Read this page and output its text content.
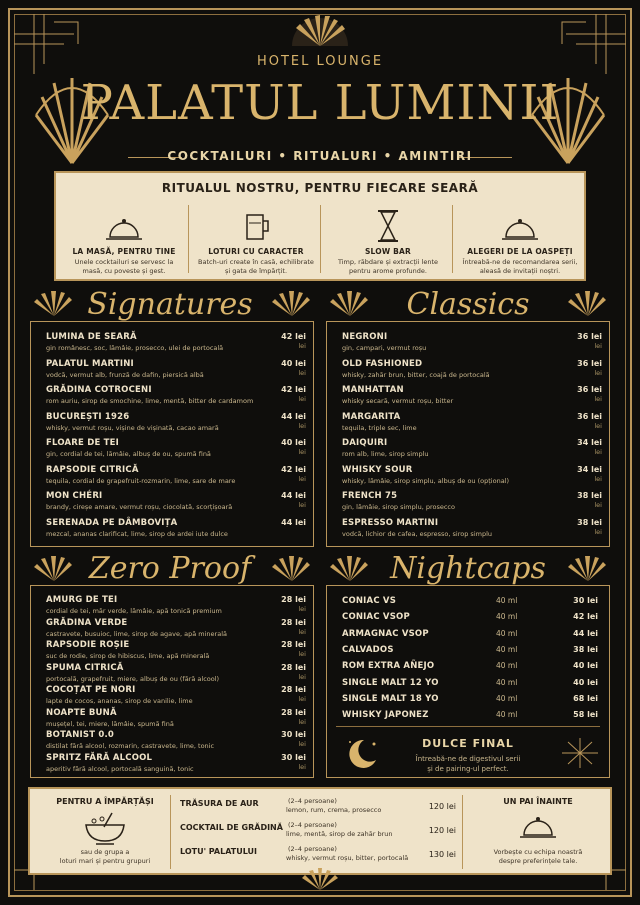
HOTEL LOUNGE
PALATUL LUMINII
COCKTAILURI • RITUALURI • AMINTIRI
RITUALUL NOSTRU, PENTRU FIECARE SEARĂ
LA MASĂ, PENTRU TINE
Unele cocktailuri se servesc la masă, cu poveste și gest.
LOTURI CU CARACTER
Batch-uri create în casă, echilibrate și gata de împărțit.
SLOW BAR
Timp, răbdare și extracții lente pentru arome profunde.
ALEGERI DE LA OASPEȚI
Întreabă-ne de recomandarea serii, aleasă de invitații noștri.
Signatures
LUMINA DE SEARĂ
gin românesc, soc, lămâie, prosecco, ulei de portocală
42 lei
lei
PALATUL MARTINI
vodcă, vermut alb, frunză de dafin, piersică albă
40 lei
lei
GRĂDINA COTROCENI
rom auriu, sirop de smochine, lime, mentă, bitter de cardamom
42 lei
lei
BUCUREȘTI 1926
whisky, vermut roșu, vișine de vișinată, cacao amară
44 lei
lei
FLOARE DE TEI
gin, cordial de tei, lămâie, albuș de ou, spumă fină
40 lei
lei
RAPSODIE CITRICĂ
tequila, cordial de grapefruit-rozmarin, lime, sare de mare
42 lei
lei
MON CHÉRI
brandy, cireșe amare, vermut roșu, ciocolată, scorțișoară
44 lei
lei
SERENADA PE DÂMBOVIȚA
mezcal, ananas clarificat, lime, sirop de ardei iute dulce
44 lei
Classics
NEGRONI
gin, campari, vermut roșu
36 lei
lei
OLD FASHIONED
whisky, zahăr brun, bitter, coajă de portocală
36 lei
lei
MANHATTAN
whisky secară, vermut roșu, bitter
36 lei
lei
MARGARITA
tequila, triple sec, lime
36 lei
lei
DAIQUIRI
rom alb, lime, sirop simplu
34 lei
lei
WHISKY SOUR
whisky, lămâie, sirop simplu, albuș de ou (opțional)
34 lei
lei
FRENCH 75
gin, lămâie, sirop simplu, prosecco
38 lei
lei
ESPRESSO MARTINI
vodcă, lichior de cafea, espresso, sirop simplu
38 lei
lei
Zero Proof
AMURG DE TEI
cordial de tei, măr verde, lămâie, apă tonică premium
28 lei
lei
GRĂDINA VERDE
castravete, busuioc, lime, sirop de agave, apă minerală
28 lei
lei
RAPSODIE ROȘIE
suc de rodie, sirop de hibiscus, lime, apă minerală
28 lei
lei
SPUMA CITRICĂ
portocală, grapefruit, miere, albuș de ou (fără alcool)
28 lei
lei
COCOȚAT PE NORI
lapte de cocos, ananas, sirop de vanilie, lime
28 lei
lei
NOAPTE BUNĂ
mușețel, tei, miere, lămâie, spumă fină
28 lei
lei
BOTANIST 0.0
distilat fără alcool, rozmarin, castravete, lime, tonic
30 lei
lei
SPRITZ FĂRĂ ALCOOL
aperitiv fără alcool, portocală sanguină, tonic
30 lei
lei
Nightcaps
CONIAC VS	40 ml	30 lei
CONIAC VSOP	40 ml	42 lei
ARMAGNAC VSOP	40 ml	44 lei
CALVADOS	40 ml	38 lei
ROM EXTRA AÑEJO	40 ml	40 lei
SINGLE MALT 12 YO	40 ml	40 lei
SINGLE MALT 18 YO	40 ml	68 lei
WHISKY JAPONEZ	40 ml	58 lei
DULCE FINAL
Întreabă-ne de digestivul serii
și de pairing-ul perfect.
PENTRU A ÎMPĂRȚĂȘI
sau de grupa a
loturi mari și pentru grupuri
TRĂSURA DE AUR	(2–4 persoane)
lemon, rum, crema, prosecco	120 lei
COCKTAIL DE GRĂDINĂ (2–4 persoane)
lime, mentă, sirop de zahăr brun	120 lei
LOTU' PALATULUI	(2–4 persoane)
whisky, vermut roșu, bitter, portocală	130 lei
UN PAI ÎNAINTE
Vorbește cu echipa noastră
despre preferințele tale.
